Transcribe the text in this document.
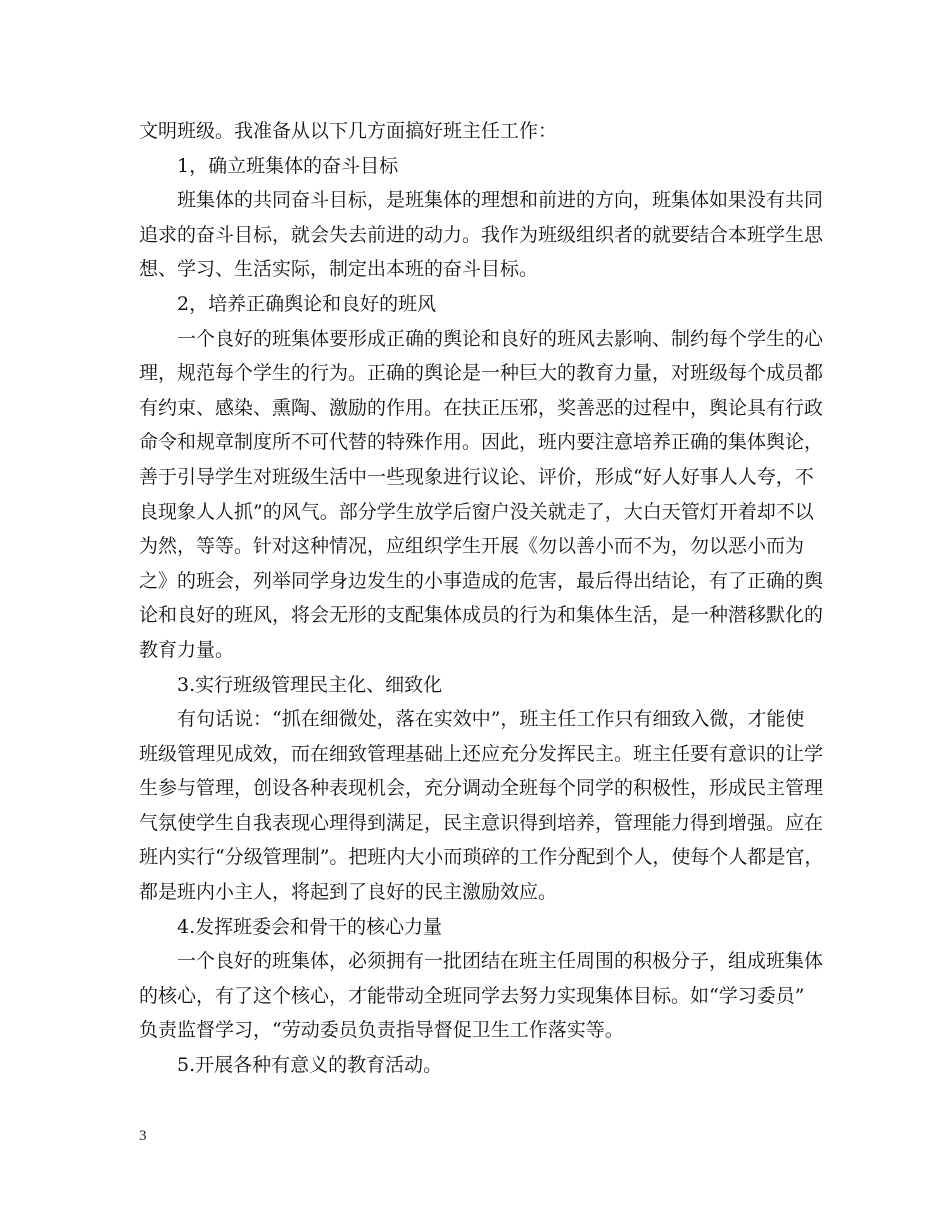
文明班级。我准备从以下几方面搞好班主任工作：
1，确立班集体的奋斗目标
班集体的共同奋斗目标，是班集体的理想和前进的方向，班集体如果没有共同
追求的奋斗目标，就会失去前进的动力。我作为班级组织者的就要结合本班学生思
想、学习、生活实际，制定出本班的奋斗目标。
2，培养正确舆论和良好的班风
一个良好的班集体要形成正确的舆论和良好的班风去影响、制约每个学生的心
理，规范每个学生的行为。正确的舆论是一种巨大的教育力量，对班级每个成员都
有约束、感染、熏陶、激励的作用。在扶正压邪，奖善恶的过程中，舆论具有行政
命令和规章制度所不可代替的特殊作用。因此，班内要注意培养正确的集体舆论，
善于引导学生对班级生活中一些现象进行议论、评价，形成“好人好事人人夸，不
良现象人人抓”的风气。部分学生放学后窗户没关就走了，大白天管灯开着却不以
为然，等等。针对这种情况，应组织学生开展《勿以善小而不为，勿以恶小而为
之》的班会，列举同学身边发生的小事造成的危害，最后得出结论，有了正确的舆
论和良好的班风，将会无形的支配集体成员的行为和集体生活，是一种潜移默化的
教育力量。
3.实行班级管理民主化、细致化
有句话说：“抓在细微处，落在实效中”，班主任工作只有细致入微，才能使
班级管理见成效，而在细致管理基础上还应充分发挥民主。班主任要有意识的让学
生参与管理，创设各种表现机会，充分调动全班每个同学的积极性，形成民主管理
气氛使学生自我表现心理得到满足，民主意识得到培养，管理能力得到增强。应在
班内实行“分级管理制”。把班内大小而琐碎的工作分配到个人，使每个人都是官，
都是班内小主人，将起到了良好的民主激励效应。
4.发挥班委会和骨干的核心力量
一个良好的班集体，必须拥有一批团结在班主任周围的积极分子，组成班集体
的核心，有了这个核心，才能带动全班同学去努力实现集体目标。如“学习委员”
负责监督学习，“劳动委员负责指导督促卫生工作落实等。
5.开展各种有意义的教育活动。
3
